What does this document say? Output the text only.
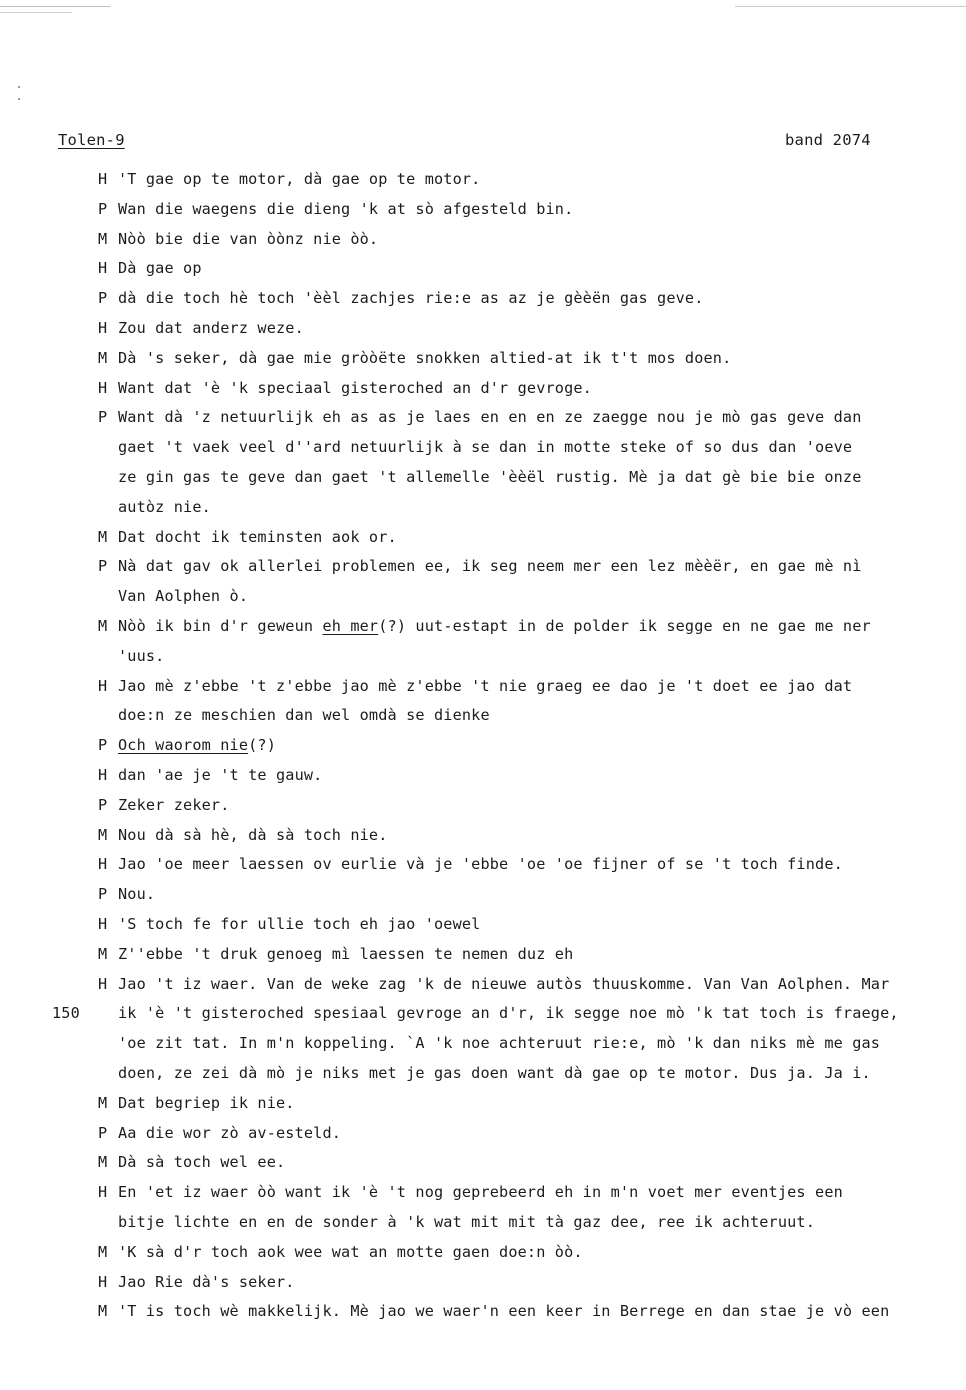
Tolen-9	band 2074
H 'T gae op te motor, dà gae op te motor.
P Wan die waegens die dieng 'k at sò afgesteld bin.
M Nòò bie die van òònz nie òò.
H Dà gae op
P dà die toch hè toch 'èèl zachjes rie:e as az je gèèën gas geve.
H Zou dat anderz weze.
M Dà 's seker, dà gae mie gròòëte snokken altied-at ik t't mos doen.
H Want dat 'è 'k speciaal gisteroched an d'r gevroge.
P Want dà 'z netuurlijk eh as as je laes en en en ze zaegge nou je mò gas geve dan
gaet 't vaek veel d''ard netuurlijk à se dan in motte steke of so dus dan 'oeve
ze gin gas te geve dan gaet 't allemelle 'èèël rustig. Mè ja dat gè bie bie onze
autòz nie.
M Dat docht ik teminsten aok or.
P Nà dat gav ok allerlei problemen ee, ik seg neem mer een lez mèèër, en gae mè nì
Van Aolphen ò.
M Nòò ik bin d'r geweun eh mer(?) uut-estapt in de polder ik segge en ne gae me ner
'uus.
H Jao mè z'ebbe 't z'ebbe jao mè z'ebbe 't nie graeg ee dao je 't doet ee jao dat
doe:n ze meschien dan wel omdà se dienke
P Och waorom nie(?)
H dan 'ae je 't te gauw.
P Zeker zeker.
M Nou dà sà hè, dà sà toch nie.
H Jao 'oe meer laessen ov eurlie và je 'ebbe 'oe 'oe fijner of se 't toch finde.
P Nou.
H 'S toch fe for ullie toch eh jao 'oewel
M Z''ebbe 't druk genoeg mì laessen te nemen duz eh
H Jao 't iz waer. Van de weke zag 'k de nieuwe autòs thuuskomme. Van Van Aolphen. Mar
150	ik 'è 't gisteroched spesiaal gevroge an d'r, ik segge noe mò 'k tat toch is fraege,
'oe zit tat. In m'n koppeling. `A 'k noe achteruut rie:e, mò 'k dan niks mè me gas
doen, ze zei dà mò je niks met je gas doen want dà gae op te motor. Dus ja. Ja i.
M Dat begriep ik nie.
P Aa die wor zò av-esteld.
M Dà sà toch wel ee.
H En 'et iz waer òò want ik 'è 't nog geprebeerd eh in m'n voet mer eventjes een
bitje lichte en en de sonder à 'k wat mit mit tà gaz dee, ree ik achteruut.
M 'K sà d'r toch aok wee wat an motte gaen doe:n òò.
H Jao Rie dà's seker.
M 'T is toch wè makkelijk. Mè jao we waer'n een keer in Berrege en dan stae je vò een
